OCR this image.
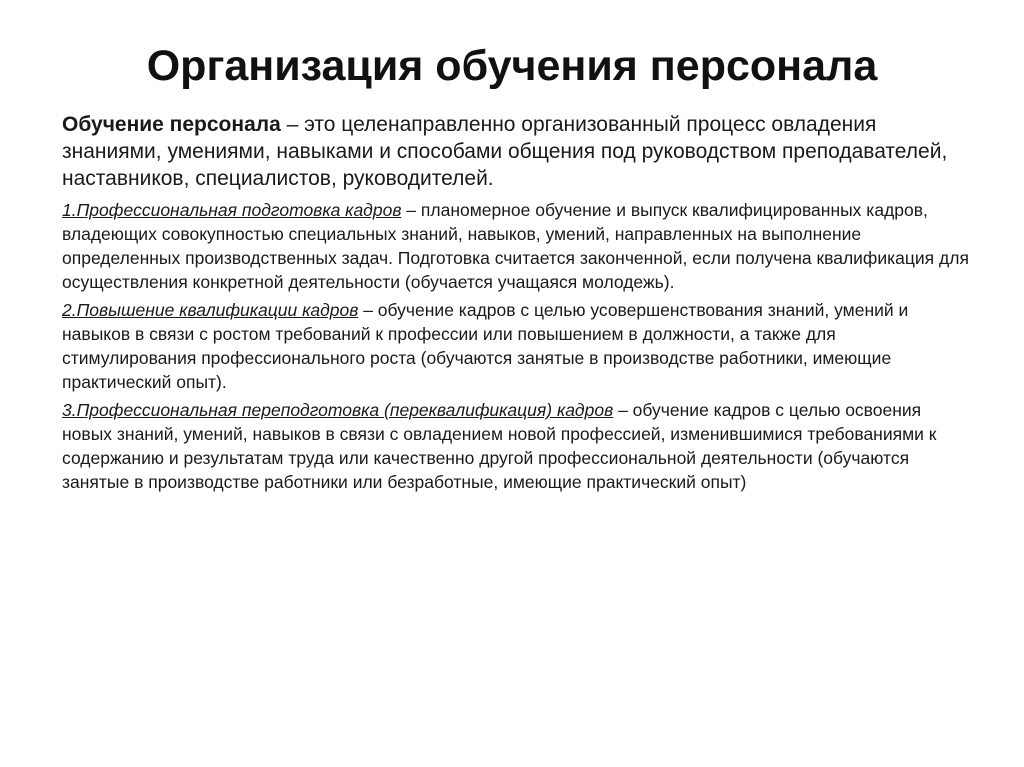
Организация обучения персонала

Обучение персонала – это целенаправленно организованный процесс овладения знаниями, умениями, навыками и способами общения под руководством преподавателей, наставников, специалистов, руководителей.

1.Профессиональная подготовка кадров – планомерное обучение и выпуск квалифицированных кадров, владеющих совокупностью специальных знаний, навыков, умений, направленных на выполнение определенных производственных задач. Подготовка считается законченной, если получена квалификация для осуществления конкретной деятельности (обучается учащаяся молодежь).

2.Повышение квалификации кадров – обучение кадров с целью усовершенствования знаний, умений и навыков в связи с ростом требований к профессии или повышением в должности, а также для стимулирования профессионального роста (обучаются занятые в производстве работники, имеющие практический опыт).

3.Профессиональная переподготовка (переквалификация) кадров – обучение кадров с целью освоения новых знаний, умений, навыков в связи с овладением новой профессией, изменившимися требованиями к содержанию и результатам труда или качественно другой профессиональной деятельности (обучаются занятые в производстве работники или безработные, имеющие практический опыт)
